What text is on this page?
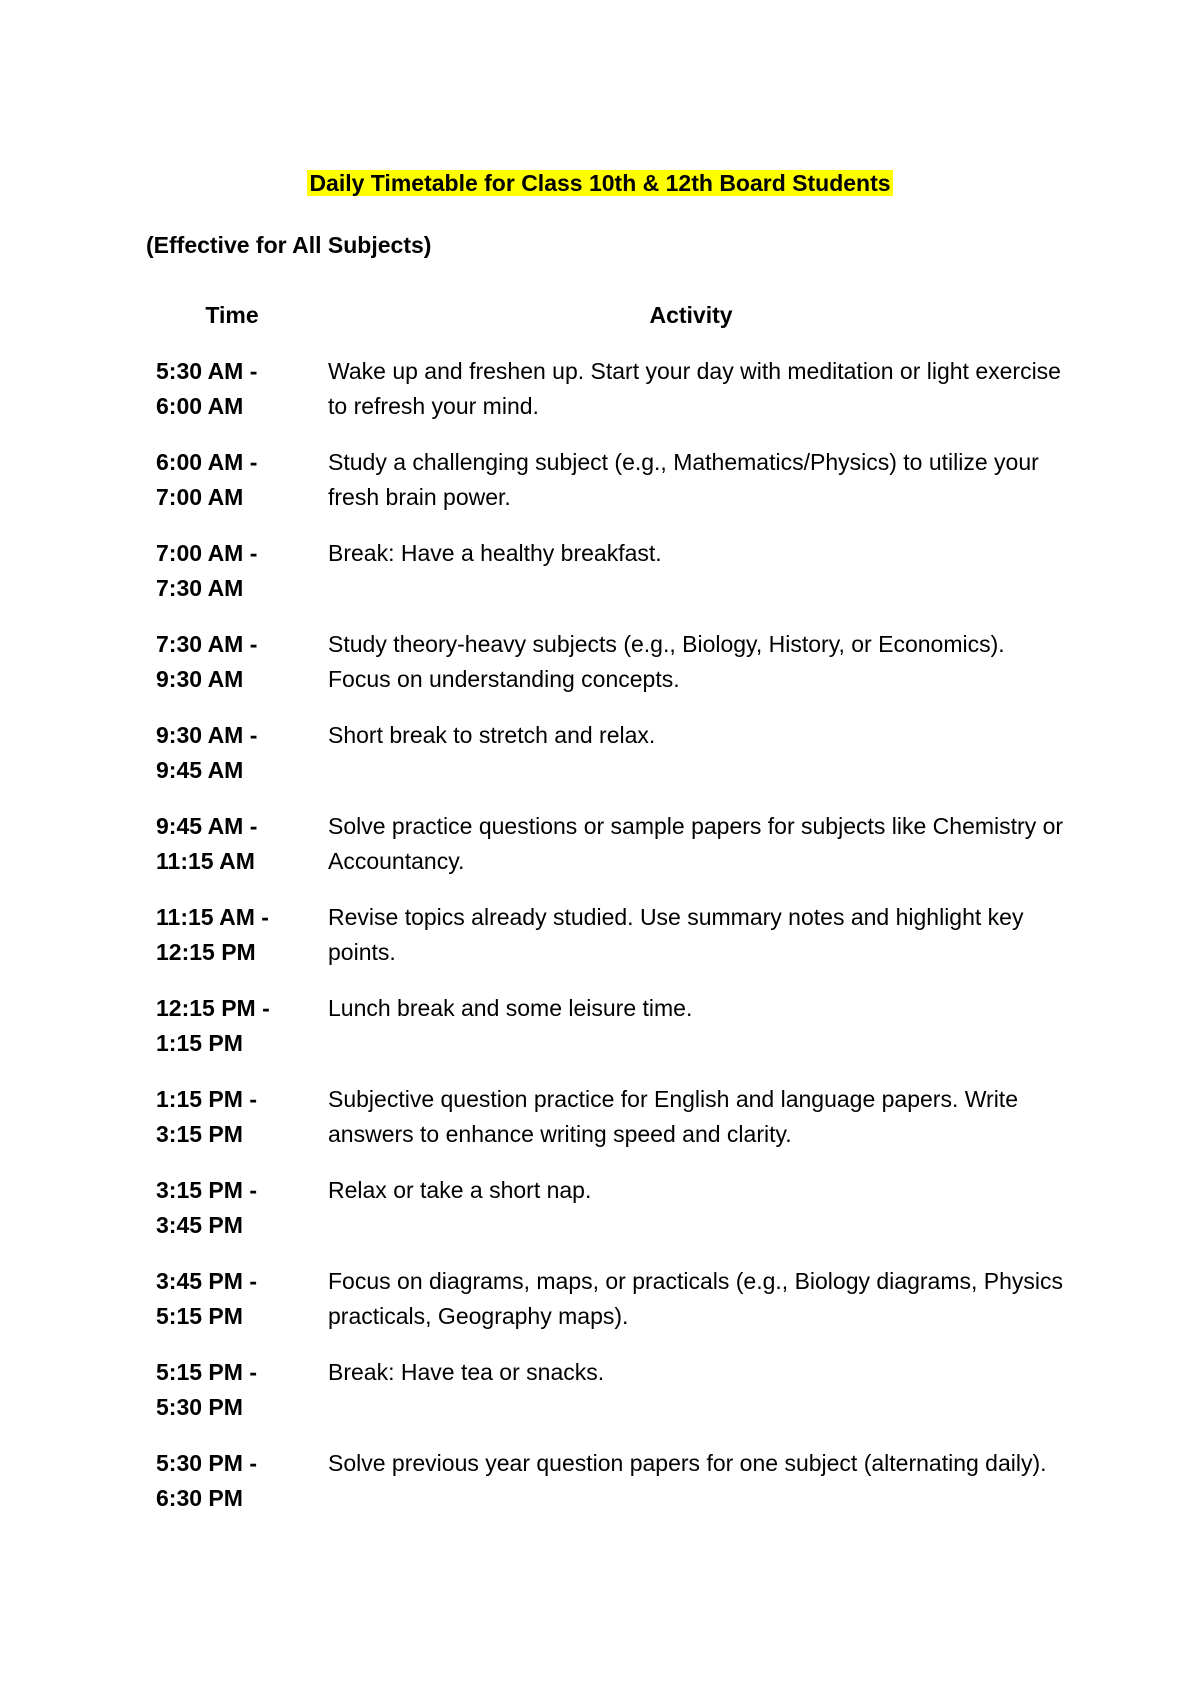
Daily Timetable for Class 10th & 12th Board Students
(Effective for All Subjects)
Time	Activity
5:30 AM -
6:00 AM
Wake up and freshen up. Start your day with meditation or light exercise to refresh your mind.
6:00 AM -
7:00 AM
Study a challenging subject (e.g., Mathematics/Physics) to utilize your fresh brain power.
7:00 AM -
7:30 AM
Break: Have a healthy breakfast.
7:30 AM -
9:30 AM
Study theory-heavy subjects (e.g., Biology, History, or Economics). Focus on understanding concepts.
9:30 AM -
9:45 AM
Short break to stretch and relax.
9:45 AM -
11:15 AM
Solve practice questions or sample papers for subjects like Chemistry or Accountancy.
11:15 AM -
12:15 PM
Revise topics already studied. Use summary notes and highlight key points.
12:15 PM -
1:15 PM
Lunch break and some leisure time.
1:15 PM -
3:15 PM
Subjective question practice for English and language papers. Write answers to enhance writing speed and clarity.
3:15 PM -
3:45 PM
Relax or take a short nap.
3:45 PM -
5:15 PM
Focus on diagrams, maps, or practicals (e.g., Biology diagrams, Physics practicals, Geography maps).
5:15 PM -
5:30 PM
Break: Have tea or snacks.
5:30 PM -
6:30 PM
Solve previous year question papers for one subject (alternating daily).
